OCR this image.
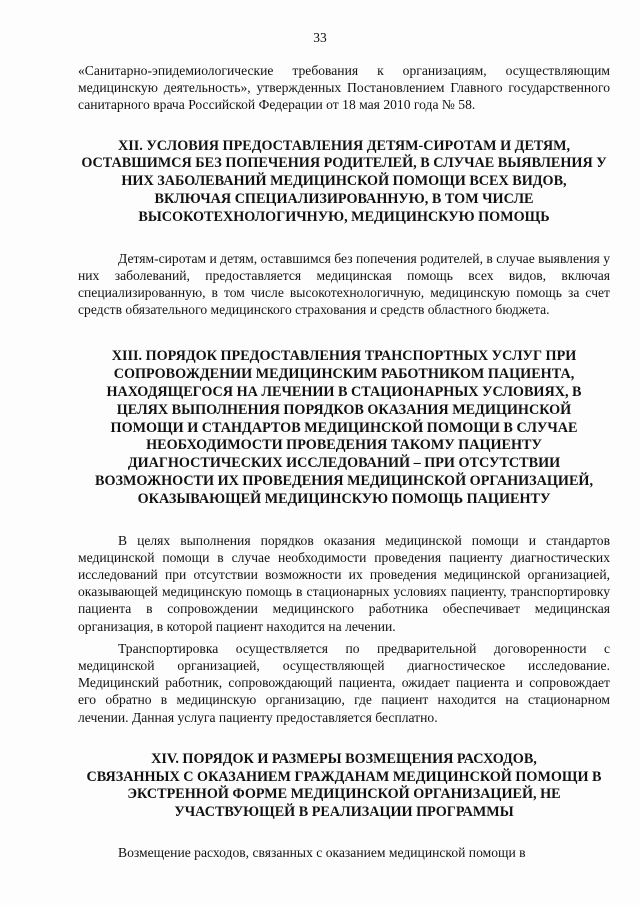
33

«Санитарно-эпидемиологические требования к организациям, осуществляющим медицинскую деятельность», утвержденных Постановлением Главного государственного санитарного врача Российской Федерации от 18 мая 2010 года № 58.

XII. УСЛОВИЯ ПРЕДОСТАВЛЕНИЯ ДЕТЯМ-СИРОТАМ И ДЕТЯМ,
ОСТАВШИМСЯ БЕЗ ПОПЕЧЕНИЯ РОДИТЕЛЕЙ, В СЛУЧАЕ ВЫЯВЛЕНИЯ У
НИХ ЗАБОЛЕВАНИЙ МЕДИЦИНСКОЙ ПОМОЩИ ВСЕХ ВИДОВ,
ВКЛЮЧАЯ СПЕЦИАЛИЗИРОВАННУЮ, В ТОМ ЧИСЛЕ
ВЫСОКОТЕХНОЛОГИЧНУЮ, МЕДИЦИНСКУЮ ПОМОЩЬ

Детям-сиротам и детям, оставшимся без попечения родителей, в случае выявления у них заболеваний, предоставляется медицинская помощь всех видов, включая специализированную, в том числе высокотехнологичную, медицинскую помощь за счет средств обязательного медицинского страхования и средств областного бюджета.

XIII. ПОРЯДОК ПРЕДОСТАВЛЕНИЯ ТРАНСПОРТНЫХ УСЛУГ ПРИ
СОПРОВОЖДЕНИИ МЕДИЦИНСКИМ РАБОТНИКОМ ПАЦИЕНТА,
НАХОДЯЩЕГОСЯ НА ЛЕЧЕНИИ В СТАЦИОНАРНЫХ УСЛОВИЯХ, В
ЦЕЛЯХ ВЫПОЛНЕНИЯ ПОРЯДКОВ ОКАЗАНИЯ МЕДИЦИНСКОЙ
ПОМОЩИ И СТАНДАРТОВ МЕДИЦИНСКОЙ ПОМОЩИ В СЛУЧАЕ
НЕОБХОДИМОСТИ ПРОВЕДЕНИЯ ТАКОМУ ПАЦИЕНТУ
ДИАГНОСТИЧЕСКИХ ИССЛЕДОВАНИЙ – ПРИ ОТСУТСТВИИ
ВОЗМОЖНОСТИ ИХ ПРОВЕДЕНИЯ МЕДИЦИНСКОЙ ОРГАНИЗАЦИЕЙ,
ОКАЗЫВАЮЩЕЙ МЕДИЦИНСКУЮ ПОМОЩЬ ПАЦИЕНТУ

В целях выполнения порядков оказания медицинской помощи и стандартов медицинской помощи в случае необходимости проведения пациенту диагностических исследований при отсутствии возможности их проведения медицинской организацией, оказывающей медицинскую помощь в стационарных условиях пациенту, транспортировку пациента в сопровождении медицинского работника обеспечивает медицинская организация, в которой пациент находится на лечении.

Транспортировка осуществляется по предварительной договоренности с медицинской организацией, осуществляющей диагностическое исследование. Медицинский работник, сопровождающий пациента, ожидает пациента и сопровождает его обратно в медицинскую организацию, где пациент находится на стационарном лечении. Данная услуга пациенту предоставляется бесплатно.

XIV. ПОРЯДОК И РАЗМЕРЫ ВОЗМЕЩЕНИЯ РАСХОДОВ,
СВЯЗАННЫХ С ОКАЗАНИЕМ ГРАЖДАНАМ МЕДИЦИНСКОЙ ПОМОЩИ В
ЭКСТРЕННОЙ ФОРМЕ МЕДИЦИНСКОЙ ОРГАНИЗАЦИЕЙ, НЕ
УЧАСТВУЮЩЕЙ В РЕАЛИЗАЦИИ ПРОГРАММЫ

Возмещение расходов, связанных с оказанием медицинской помощи в
